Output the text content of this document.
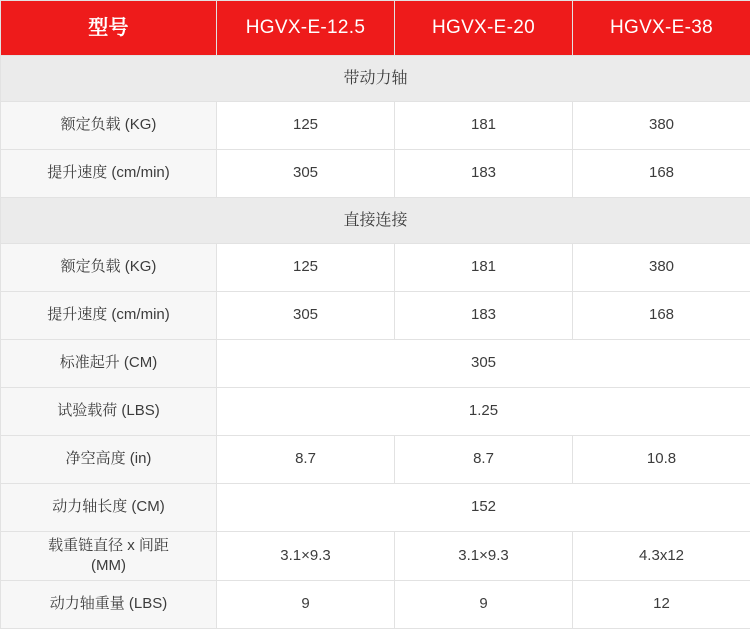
型号	HGVX-E-12.5	HGVX-E-20	HGVX-E-38
带动力轴			
额定负载 (KG)	125	181	380
提升速度 (cm/min)	305	183	168
直接连接			
额定负载 (KG)	125	181	380
提升速度 (cm/min)	305	183	168
标准起升 (CM)	305		
试验载荷 (LBS)	1.25		
净空高度 (in)	8.7	8.7	10.8
动力轴长度 (CM)	152		

载重链直径 x 间距
(MM)	3.1×9.3	3.1×9.3	4.3x12
动力轴重量 (LBS)	9	9	12
